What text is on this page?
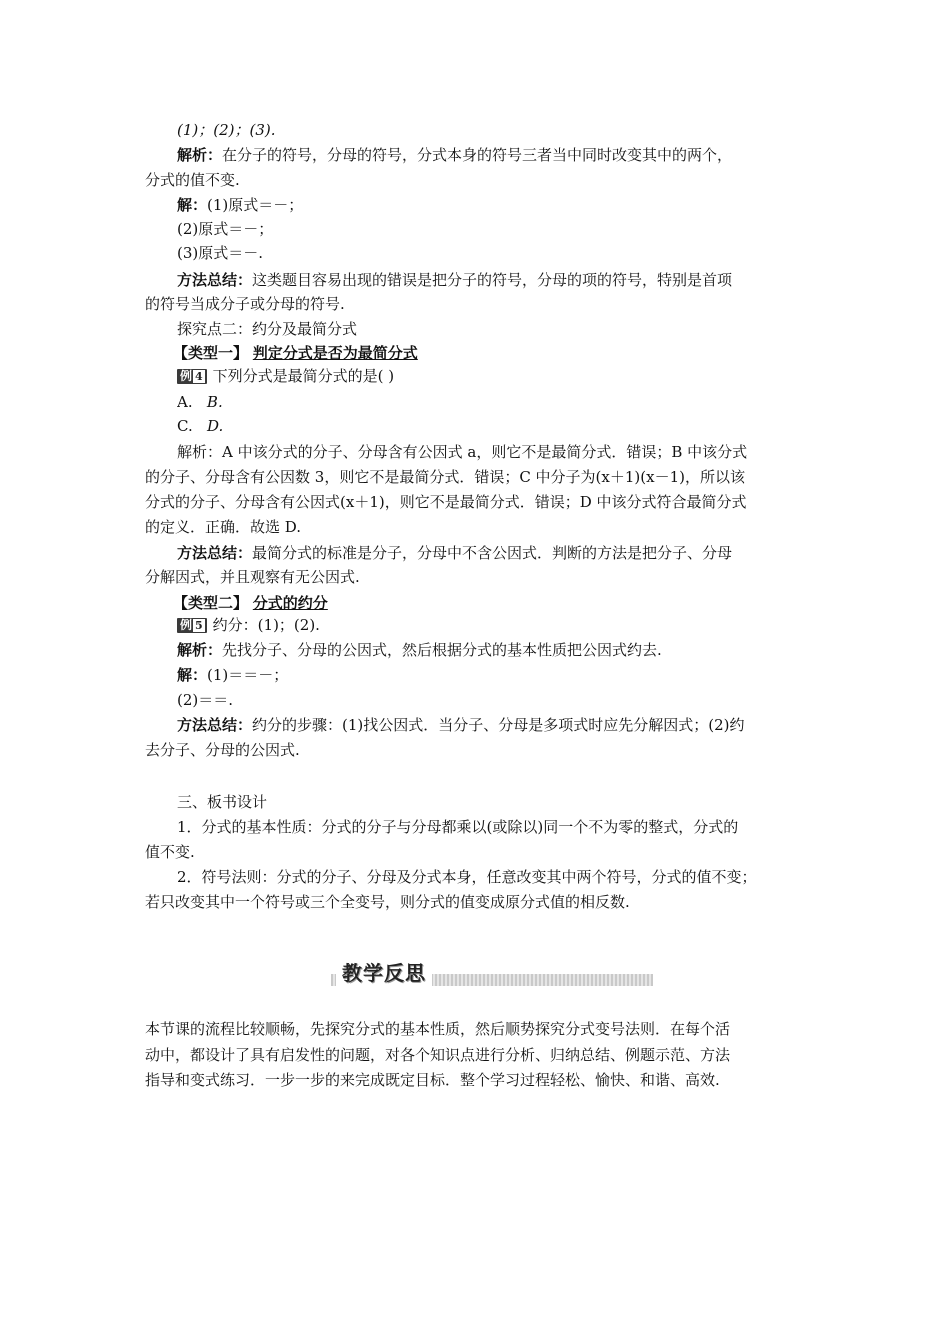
(1)；(2)；(3).
解析：在分子的符号，分母的符号，分式本身的符号三者当中同时改变其中的两个，
分式的值不变.
解：(1)原式＝－；
(2)原式＝－；
(3)原式＝－.
方法总结：这类题目容易出现的错误是把分子的符号，分母的项的符号，特别是首项
的符号当成分子或分母的符号.
探究点二：约分及最简分式
【类型一】 判定分式是否为最简分式
例 4 下列分式是最简分式的是( )
A. B.
C. D.
解析：A 中该分式的分子、分母含有公因式 a，则它不是最简分式．错误；B 中该分式
的分子、分母含有公因数 3，则它不是最简分式．错误；C 中分子为(x＋1)(x－1)，所以该
分式的分子、分母含有公因式(x＋1)，则它不是最简分式．错误；D 中该分式符合最简分式
的定义．正确．故选 D.
方法总结：最简分式的标准是分子，分母中不含公因式．判断的方法是把分子、分母
分解因式，并且观察有无公因式.
【类型二】 分式的约分
例 5 约分：(1)；(2).
解析：先找分子、分母的公因式，然后根据分式的基本性质把公因式约去.
解：(1)＝＝－；
(2)＝＝.
方法总结：约分的步骤：(1)找公因式．当分子、分母是多项式时应先分解因式；(2)约
去分子、分母的公因式.
三、板书设计
1．分式的基本性质：分式的分子与分母都乘以(或除以)同一个不为零的整式，分式的
值不变.
2．符号法则：分式的分子、分母及分式本身，任意改变其中两个符号，分式的值不变；
若只改变其中一个符号或三个全变号，则分式的值变成原分式值的相反数.
教学反思
本节课的流程比较顺畅，先探究分式的基本性质，然后顺势探究分式变号法则．在每个活
动中，都设计了具有启发性的问题，对各个知识点进行分析、归纳总结、例题示范、方法
指导和变式练习．一步一步的来完成既定目标．整个学习过程轻松、愉快、和谐、高效.
